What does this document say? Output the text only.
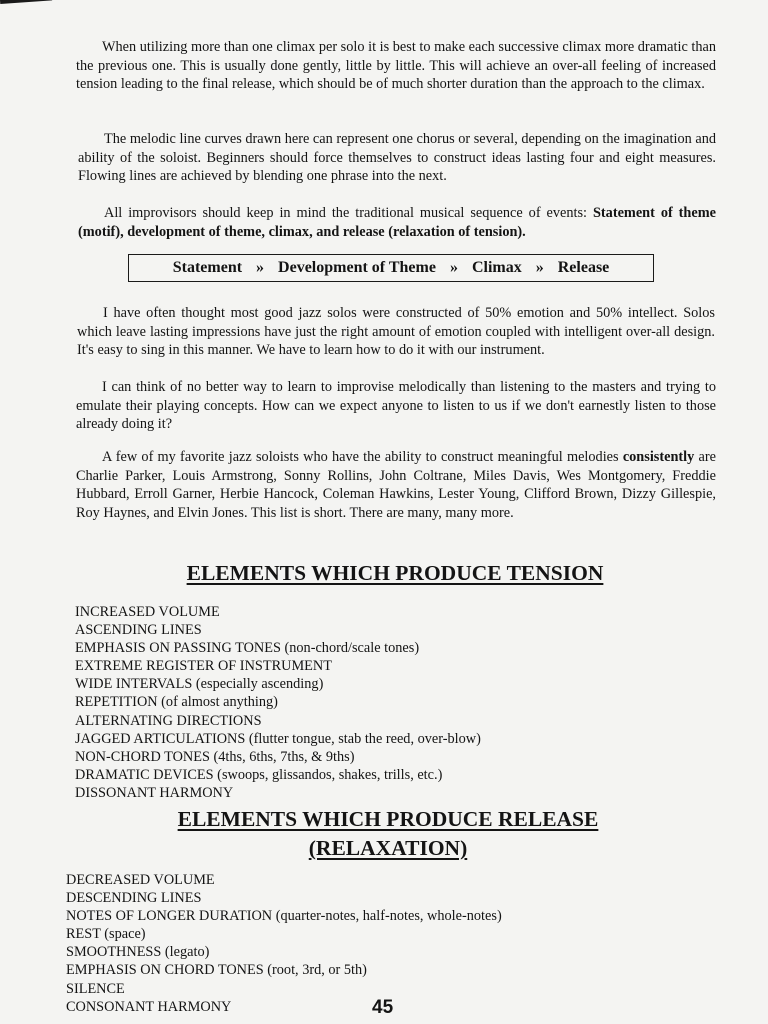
When utilizing more than one climax per solo it is best to make each successive climax more dramatic than the previous one. This is usually done gently, little by little. This will achieve an over-all feeling of increased tension leading to the final release, which should be of much shorter duration than the approach to the climax.

The melodic line curves drawn here can represent one chorus or several, depending on the imagination and ability of the soloist. Beginners should force themselves to construct ideas lasting four and eight measures. Flowing lines are achieved by blending one phrase into the next.

All improvisors should keep in mind the traditional musical sequence of events: Statement of theme (motif), development of theme, climax, and release (relaxation of tension).

Statement » Development of Theme » Climax » Release

I have often thought most good jazz solos were constructed of 50% emotion and 50% intellect. Solos which leave lasting impressions have just the right amount of emotion coupled with intelligent over-all design. It's easy to sing in this manner. We have to learn how to do it with our instrument.

I can think of no better way to learn to improvise melodically than listening to the masters and trying to emulate their playing concepts. How can we expect anyone to listen to us if we don't earnestly listen to those already doing it?

A few of my favorite jazz soloists who have the ability to construct meaningful melodies consistently are Charlie Parker, Louis Armstrong, Sonny Rollins, John Coltrane, Miles Davis, Wes Montgomery, Freddie Hubbard, Erroll Garner, Herbie Hancock, Coleman Hawkins, Lester Young, Clifford Brown, Dizzy Gillespie, Roy Haynes, and Elvin Jones. This list is short. There are many, many more.

ELEMENTS WHICH PRODUCE TENSION
INCREASED VOLUME
ASCENDING LINES
EMPHASIS ON PASSING TONES (non-chord/scale tones)
EXTREME REGISTER OF INSTRUMENT
WIDE INTERVALS (especially ascending)
REPETITION (of almost anything)
ALTERNATING DIRECTIONS
JAGGED ARTICULATIONS (flutter tongue, stab the reed, over-blow)
NON-CHORD TONES (4ths, 6ths, 7ths, & 9ths)
DRAMATIC DEVICES (swoops, glissandos, shakes, trills, etc.)
DISSONANT HARMONY
ELEMENTS WHICH PRODUCE RELEASE
(RELAXATION)
DECREASED VOLUME
DESCENDING LINES
NOTES OF LONGER DURATION (quarter-notes, half-notes, whole-notes)
REST (space)
SMOOTHNESS (legato)
EMPHASIS ON CHORD TONES (root, 3rd, or 5th)
SILENCE
CONSONANT HARMONY	45
